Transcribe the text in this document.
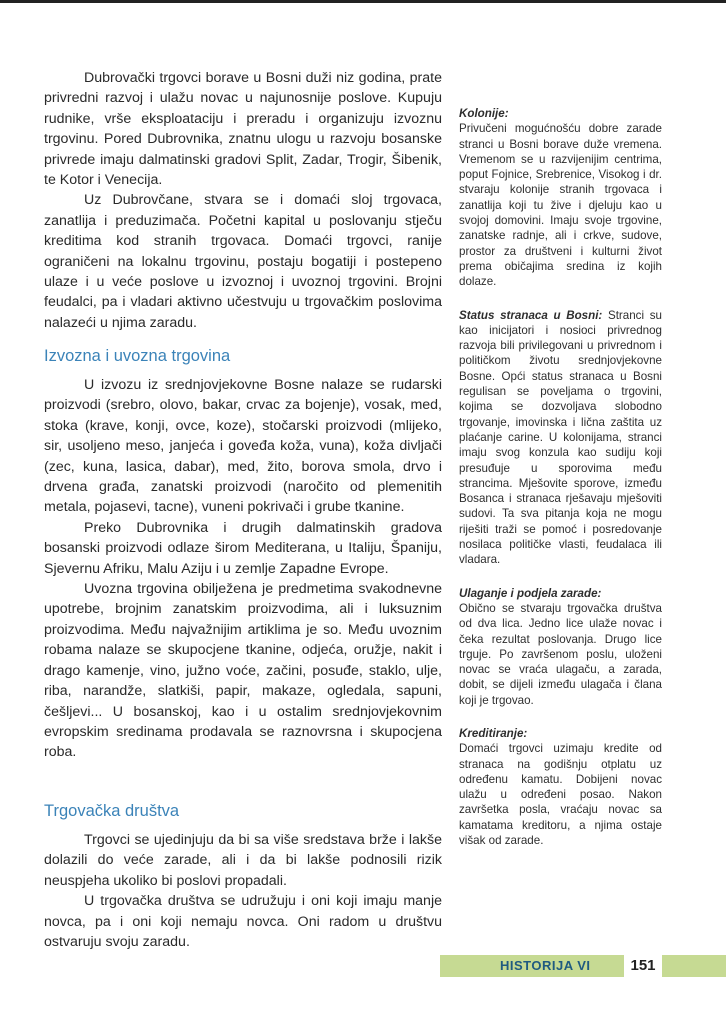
Dubrovački trgovci borave u Bosni duži niz godina, prate privredni razvoj i ulažu novac u najunosnije poslove. Kupuju rudnike, vrše eksploataciju i preradu i organizuju izvoznu trgovinu. Pored Dubrovnika, znatnu ulogu u razvoju bosanske privrede imaju dalmatinski gradovi Split, Zadar, Trogir, Šibenik, te Kotor i Venecija.

Uz Dubrovčane, stvara se i domaći sloj trgovaca, zanatlija i preduzimača. Početni kapital u poslovanju stječu kreditima kod stranih trgovaca. Domaći trgovci, ranije ograničeni na lokalnu trgovinu, postaju bogatiji i postepeno ulaze i u veće poslove u izvoznoj i uvoznoj trgovini. Brojni feudalci, pa i vladari aktivno učestvuju u trgovačkim poslovima nalazeći u njima zaradu.

Izvozna i uvozna trgovina

U izvozu iz srednjovjekovne Bosne nalaze se rudarski proizvodi (srebro, olovo, bakar, crvac za bojenje), vosak, med, stoka (krave, konji, ovce, koze), stočarski proizvodi (mlijeko, sir, usoljeno meso, janjeća i goveđa koža, vuna), koža divljači (zec, kuna, lasica, dabar), med, žito, borova smola, drvo i drvena građa, zanatski proizvodi (naročito od plemenitih metala, pojasevi, tacne), vuneni pokrivači i grube tkanine.

Preko Dubrovnika i drugih dalmatinskih gradova bosanski proizvodi odlaze širom Mediterana, u Italiju, Španiju, Sjevernu Afriku, Malu Aziju i u zemlje Zapadne Evrope.

Uvozna trgovina obilježena je predmetima svakodnevne upotrebe, brojnim zanatskim proizvodima, ali i luksuznim proizvodima. Među najvažnijim artiklima je so. Među uvoznim robama nalaze se skupocjene tkanine, odjeća, oružje, nakit i drago kamenje, vino, južno voće, začini, posuđe, staklo, ulje, riba, narandže, slatkiši, papir, makaze, ogledala, sapuni, češljevi... U bosanskoj, kao i u ostalim srednjovjekovnim evropskim sredinama prodavala se raznovrsna i skupocjena roba.

Trgovačka društva

Trgovci se ujedinjuju da bi sa više sredstava brže i lakše dolazili do veće zarade, ali i da bi lakše podnosili rizik neuspjeha ukoliko bi poslovi propadali.

U trgovačka društva se udružuju i oni koji imaju manje novca, pa i oni koji nemaju novca. Oni radom u društvu ostvaruju svoju zaradu.

Kolonije:
Privučeni mogućnošću dobre zarade stranci u Bosni borave duže vremena. Vremenom se u razvijenijim centrima, poput Fojnice, Srebrenice, Visokog i dr. stvaraju kolonije stranih trgovaca i zanatlija koji tu žive i djeluju kao u svojoj domovini. Imaju svoje trgovine, zanatske radnje, ali i crkve, sudove, prostor za društveni i kulturni život prema običajima sredina iz kojih dolaze.
Status stranaca u Bosni: Stranci su kao inicijatori i nosioci privrednog razvoja bili privilegovani u privrednom i političkom životu srednjovjekovne Bosne. Opći status stranaca u Bosni regulisan se poveljama o trgovini, kojima se dozvoljava slobodno trgovanje, imovinska i lična zaštita uz plaćanje carine. U kolonijama, stranci imaju svog konzula kao sudiju koji presuđuje u sporovima među strancima. Mješovite sporove, između Bosanca i stranaca rješavaju mješoviti sudovi. Ta sva pitanja koja ne mogu riješiti traži se pomoć i posredovanje nosilaca političke vlasti, feudalaca ili vladara.
Ulaganje i podjela zarade:
Obično se stvaraju trgovačka društva od dva lica. Jedno lice ulaže novac i čeka rezultat poslovanja. Drugo lice trguje. Po završenom poslu, uloženi novac se vraća ulagaču, a zarada, dobit, se dijeli između ulagača i člana koji je trgovao.
Kreditiranje:
Domaći trgovci uzimaju kredite od stranaca na godišnju otplatu uz određenu kamatu. Dobijeni novac ulažu u određeni posao. Nakon završetka posla, vraćaju novac sa kamatama kreditoru, a njima ostaje višak od zarade.
HISTORIJA VI	151
